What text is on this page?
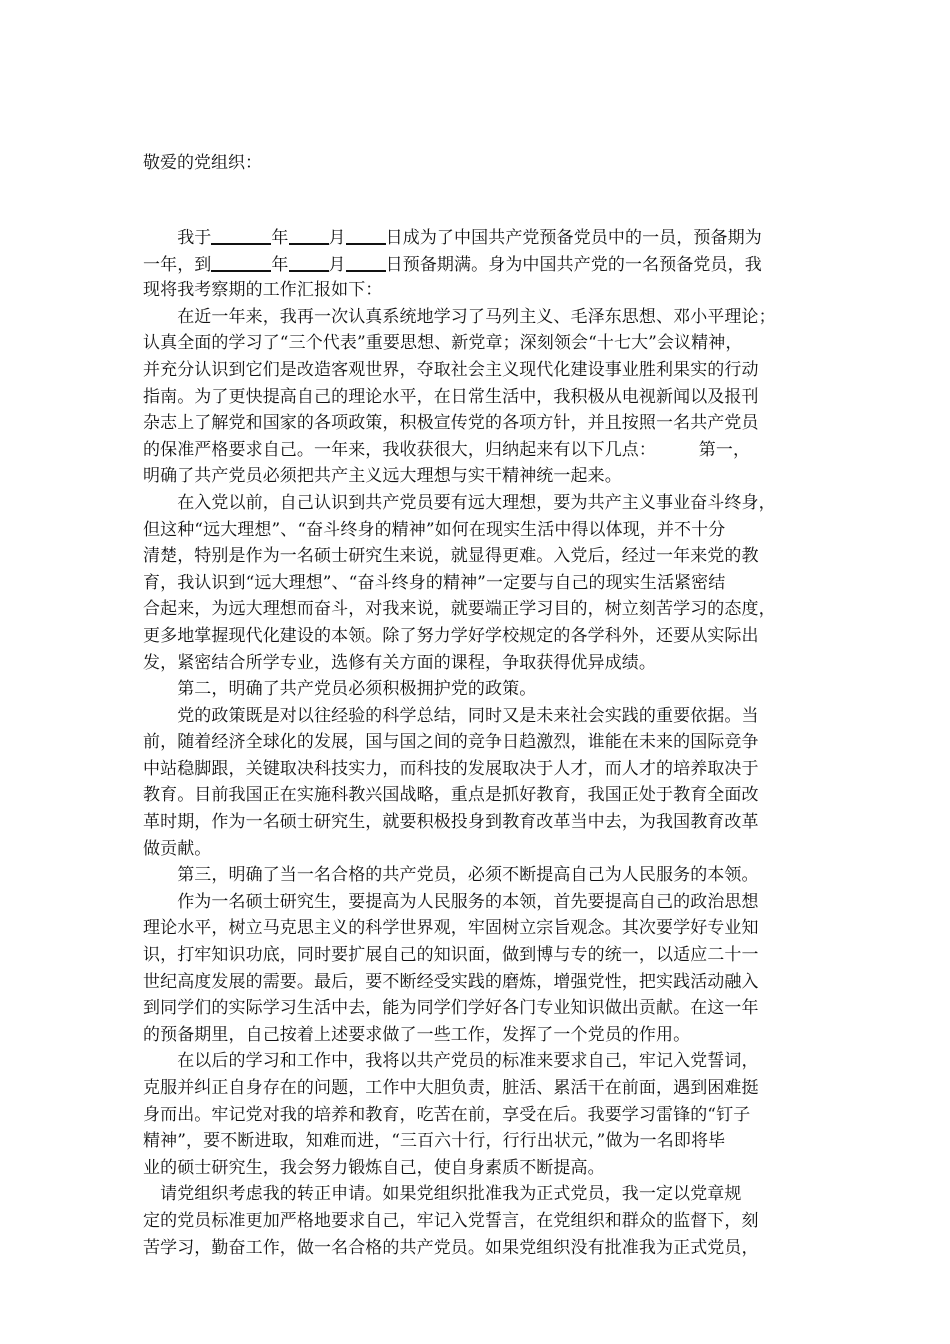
敬爱的党组织：
　　我于	年 月 日成为了中国共产党预备党员中的一员，预备期为
一年，到	年 月 日预备期满。身为中国共产党的一名预备党员，我
现将我考察期的工作汇报如下：
　　在近一年来，我再一次认真系统地学习了马列主义、毛泽东思想、邓小平理论；
认真全面的学习了“三个代表”重要思想、新党章；深刻领会“十七大”会议精神，
并充分认识到它们是改造客观世界，夺取社会主义现代化建设事业胜利果实的行动
指南。为了更快提高自己的理论水平，在日常生活中，我积极从电视新闻以及报刊
杂志上了解党和国家的各项政策，积极宣传党的各项方针，并且按照一名共产党员
的保准严格要求自己。一年来，我收获很大，归纳起来有以下几点：　　　第一，
明确了共产党员必须把共产主义远大理想与实干精神统一起来。
　　在入党以前，自己认识到共产党员要有远大理想，要为共产主义事业奋斗终身，
但这种“远大理想”、“奋斗终身的精神”如何在现实生活中得以体现，并不十分
清楚，特别是作为一名硕士研究生来说，就显得更难。入党后，经过一年来党的教
育，我认识到“远大理想”、“奋斗终身的精神”一定要与自己的现实生活紧密结
合起来，为远大理想而奋斗，对我来说，就要端正学习目的，树立刻苦学习的态度，
更多地掌握现代化建设的本领。除了努力学好学校规定的各学科外，还要从实际出
发，紧密结合所学专业，选修有关方面的课程，争取获得优异成绩。
　　第二，明确了共产党员必须积极拥护党的政策。
　　党的政策既是对以往经验的科学总结，同时又是未来社会实践的重要依据。当
前，随着经济全球化的发展，国与国之间的竞争日趋激烈，谁能在未来的国际竞争
中站稳脚跟，关键取决科技实力，而科技的发展取决于人才，而人才的培养取决于
教育。目前我国正在实施科教兴国战略，重点是抓好教育，我国正处于教育全面改
革时期，作为一名硕士研究生，就要积极投身到教育改革当中去，为我国教育改革
做贡献。
　　第三，明确了当一名合格的共产党员，必须不断提高自己为人民服务的本领。
　　作为一名硕士研究生，要提高为人民服务的本领，首先要提高自己的政治思想
理论水平，树立马克思主义的科学世界观，牢固树立宗旨观念。其次要学好专业知
识，打牢知识功底，同时要扩展自己的知识面，做到博与专的统一，以适应二十一
世纪高度发展的需要。最后，要不断经受实践的磨炼，增强党性，把实践活动融入
到同学们的实际学习生活中去，能为同学们学好各门专业知识做出贡献。在这一年
的预备期里，自己按着上述要求做了一些工作，发挥了一个党员的作用。
　　在以后的学习和工作中，我将以共产党员的标准来要求自己，牢记入党誓词，
克服并纠正自身存在的问题，工作中大胆负责，脏活、累活干在前面，遇到困难挺
身而出。牢记党对我的培养和教育，吃苦在前，享受在后。我要学习雷锋的“钉子
精神”，要不断进取，知难而进，“三百六十行，行行出状元，”做为一名即将毕
业的硕士研究生，我会努力锻炼自己，使自身素质不断提高。
　请党组织考虑我的转正申请。如果党组织批准我为正式党员，我一定以党章规
定的党员标准更加严格地要求自己，牢记入党誓言，在党组织和群众的监督下，刻
苦学习，勤奋工作，做一名合格的共产党员。如果党组织没有批准我为正式党员，
